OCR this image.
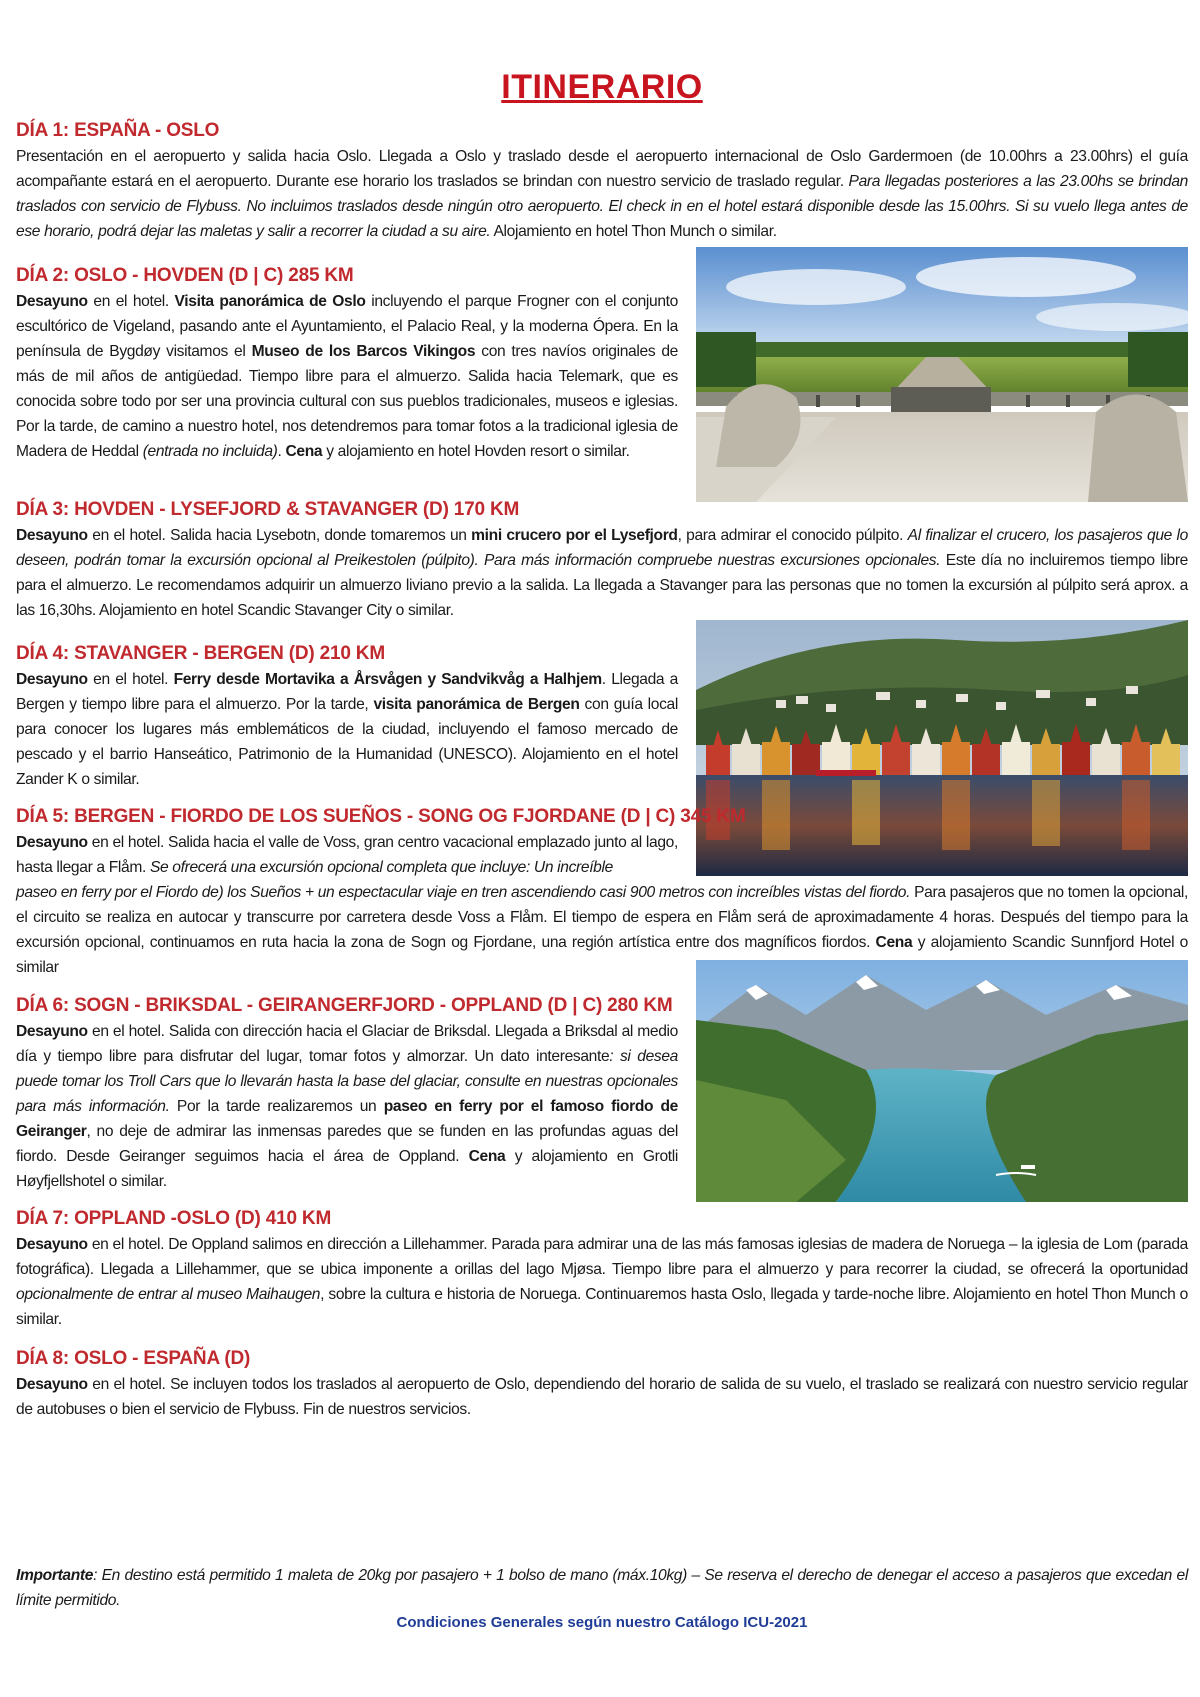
ITINERARIO
DÍA 1: ESPAÑA - OSLO

Presentación en el aeropuerto y salida hacia Oslo. Llegada a Oslo y traslado desde el aeropuerto internacional de Oslo Gardermoen (de 10.00hrs a 23.00hrs) el guía acompañante estará en el aeropuerto. Durante ese horario los traslados se brindan con nuestro servicio de traslado regular. Para llegadas posteriores a las 23.00hs se brindan traslados con servicio de Flybuss. No incluimos traslados desde ningún otro aeropuerto. El check in en el hotel estará disponible desde las 15.00hrs. Si su vuelo llega antes de ese horario, podrá dejar las maletas y salir a recorrer la ciudad a su aire. Alojamiento en hotel Thon Munch o similar.

DÍA 2: OSLO - HOVDEN (D | C) 285 KM

Desayuno en el hotel. Visita panorámica de Oslo incluyendo el parque Frogner con el conjunto escultórico de Vigeland, pasando ante el Ayuntamiento, el Palacio Real, y la moderna Ópera. En la península de Bygdøy visitamos el Museo de los Barcos Vikingos con tres navíos originales de más de mil años de antigüedad. Tiempo libre para el almuerzo. Salida hacia Telemark, que es conocida sobre todo por ser una provincia cultural con sus pueblos tradicionales, museos e iglesias. Por la tarde, de camino a nuestro hotel, nos detendremos para tomar fotos a la tradicional iglesia de Madera de Heddal (entrada no incluida). Cena y alojamiento en hotel Hovden resort o similar.

DÍA 3: HOVDEN - LYSEFJORD & STAVANGER (D) 170 KM

Desayuno en el hotel. Salida hacia Lysebotn, donde tomaremos un mini crucero por el Lysefjord, para admirar el conocido púlpito. Al finalizar el crucero, los pasajeros que lo deseen, podrán tomar la excursión opcional al Preikestolen (púlpito). Para más información compruebe nuestras excursiones opcionales. Este día no incluiremos tiempo libre para el almuerzo. Le recomendamos adquirir un almuerzo liviano previo a la salida. La llegada a Stavanger para las personas que no tomen la excursión al púlpito será aprox. a las 16,30hs. Alojamiento en hotel Scandic Stavanger City o similar.

DÍA 4: STAVANGER - BERGEN (D) 210 KM

Desayuno en el hotel. Ferry desde Mortavika a Årsvågen y Sandvikvåg a Halhjem. Llegada a Bergen y tiempo libre para el almuerzo. Por la tarde, visita panorámica de Bergen con guía local para conocer los lugares más emblemáticos de la ciudad, incluyendo el famoso mercado de pescado y el barrio Hanseático, Patrimonio de la Humanidad (UNESCO). Alojamiento en el hotel Zander K o similar.

DÍA 5: BERGEN - FIORDO DE LOS SUEÑOS - SONG OG FJORDANE (D | C) 345 KM

Desayuno en el hotel. Salida hacia el valle de Voss, gran centro vacacional emplazado junto al lago, hasta llegar a Flåm. Se ofrecerá una excursión opcional completa que incluye: Un increíble

paseo en ferry por el Fiordo de) los Sueños + un espectacular viaje en tren ascendiendo casi 900 metros con increíbles vistas del fiordo. Para pasajeros que no tomen la opcional, el circuito se realiza en autocar y transcurre por carretera desde Voss a Flåm. El tiempo de espera en Flåm será de aproximadamente 4 horas. Después del tiempo para la excursión opcional, continuamos en ruta hacia la zona de Sogn og Fjordane, una región artística entre dos magníficos fiordos. Cena y alojamiento Scandic Sunnfjord Hotel o similar

DÍA 6: SOGN - BRIKSDAL - GEIRANGERFJORD - OPPLAND (D | C) 280 KM

Desayuno en el hotel. Salida con dirección hacia el Glaciar de Briksdal. Llegada a Briksdal al medio día y tiempo libre para disfrutar del lugar, tomar fotos y almorzar. Un dato interesante: si desea puede tomar los Troll Cars que lo llevarán hasta la base del glaciar, consulte en nuestras opcionales para más información. Por la tarde realizaremos un paseo en ferry por el famoso fiordo de Geiranger, no deje de admirar las inmensas paredes que se funden en las profundas aguas del fiordo. Desde Geiranger seguimos hacia el área de Oppland. Cena y alojamiento en Grotli Høyfjellshotel o similar.

DÍA 7: OPPLAND -OSLO (D) 410 KM

Desayuno en el hotel. De Oppland salimos en dirección a Lillehammer. Parada para admirar una de las más famosas iglesias de madera de Noruega – la iglesia de Lom (parada fotográfica). Llegada a Lillehammer, que se ubica imponente a orillas del lago Mjøsa. Tiempo libre para el almuerzo y para recorrer la ciudad, se ofrecerá la oportunidad opcionalmente de entrar al museo Maihaugen, sobre la cultura e historia de Noruega. Continuaremos hasta Oslo, llegada y tarde-noche libre. Alojamiento en hotel Thon Munch o similar.

DÍA 8: OSLO - ESPAÑA (D)

Desayuno en el hotel. Se incluyen todos los traslados al aeropuerto de Oslo, dependiendo del horario de salida de su vuelo, el traslado se realizará con nuestro servicio regular de autobuses o bien el servicio de Flybuss. Fin de nuestros servicios.

Importante: En destino está permitido 1 maleta de 20kg por pasajero + 1 bolso de mano (máx.10kg) – Se reserva el derecho de denegar el acceso a pasajeros que excedan el límite permitido.

Condiciones Generales según nuestro Catálogo ICU-2021
